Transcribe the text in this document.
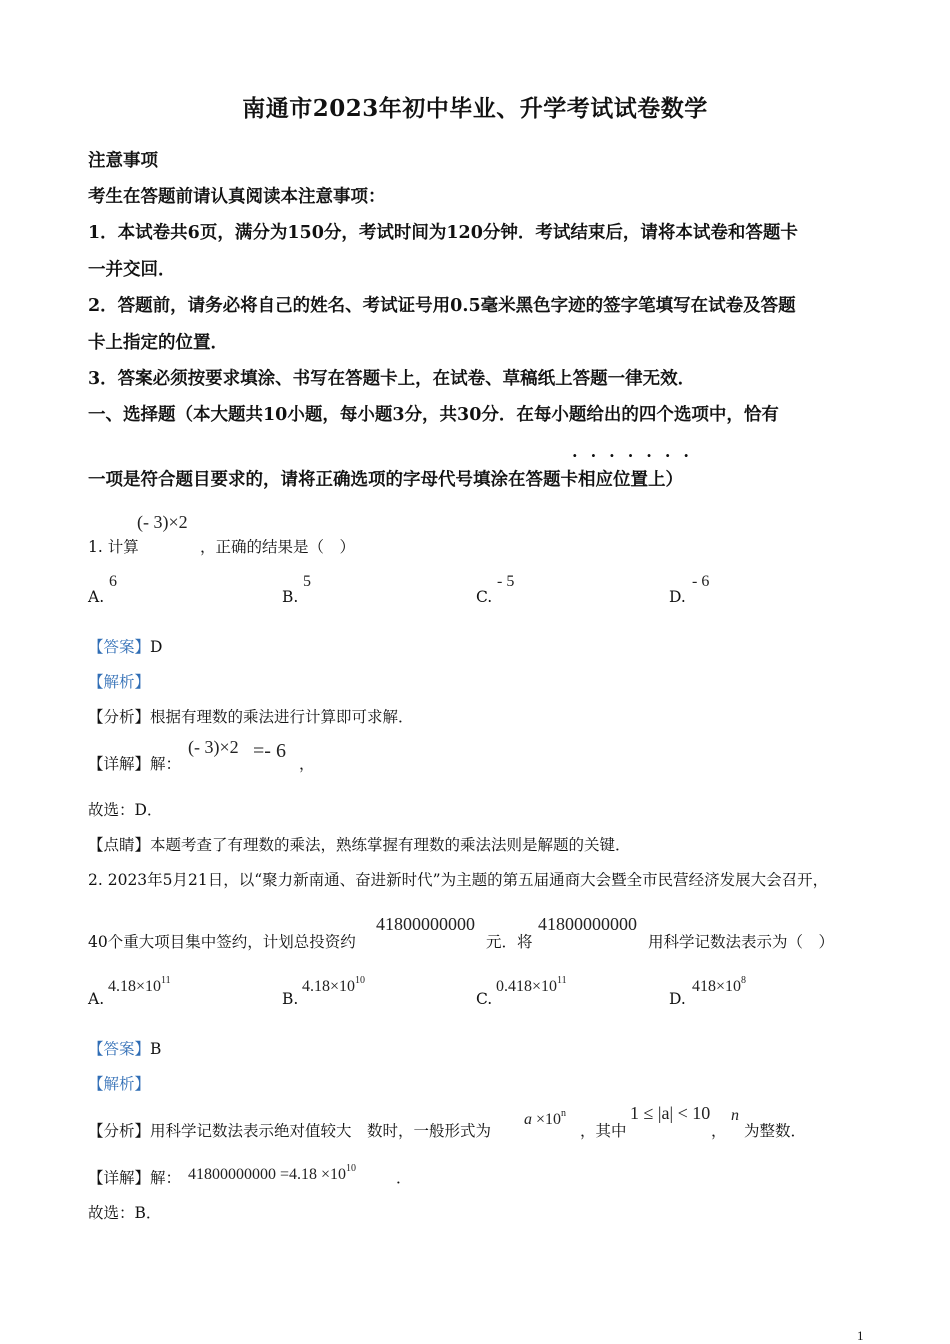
南通市2023年初中毕业、升学考试试卷数学
注意事项
考生在答题前请认真阅读本注意事项：
1．本试卷共6页，满分为150分，考试时间为120分钟．考试结束后，请将本试卷和答题卡
一并交回．
2．答题前，请务必将自己的姓名、考试证号用0.5毫米黑色字迹的签字笔填写在试卷及答题
卡上指定的位置．
3．答案必须按要求填涂、书写在答题卡上，在试卷、草稿纸上答题一律无效．
一、选择题（本大题共10小题，每小题3分，共30分．在每小题给出的四个选项中，恰有
·······
一项是符合题目要求的，请将正确选项的字母代号填涂在答题卡相应位置上）
1. 计算
(- 3)×2
，正确的结果是（　）
A.
6
B.
5
C.
- 5
D.
- 6
【答案】D
【解析】
【分析】根据有理数的乘法进行计算即可求解．
【详解】解：
(- 3)×2 =- 6
，
故选：D．
【点睛】本题考查了有理数的乘法，熟练掌握有理数的乘法法则是解题的关键．
2. 2023年5月21日，以“聚力新南通、奋进新时代”为主题的第五届通商大会暨全市民营经济发展大会召开，
40个重大项目集中签约，计划总投资约
41800000000
元．将
41800000000
用科学记数法表示为（　）
A.
$4.18\times 10^{11}$
B.
$4.18\times 10^{10}$
C.
$0.418\times 10^{11}$
D.
$418\times 10^8$
【答案】B
【解析】
【分析】用科学记数法表示绝对值较大　数时，一般形式为
$a \times 10^n$
，其中
1 ≤ |a| < 10
，
n
为整数．
【详解】解： $41800000000 =4.18 \times 10^{10}$
．
故选：B．
1
